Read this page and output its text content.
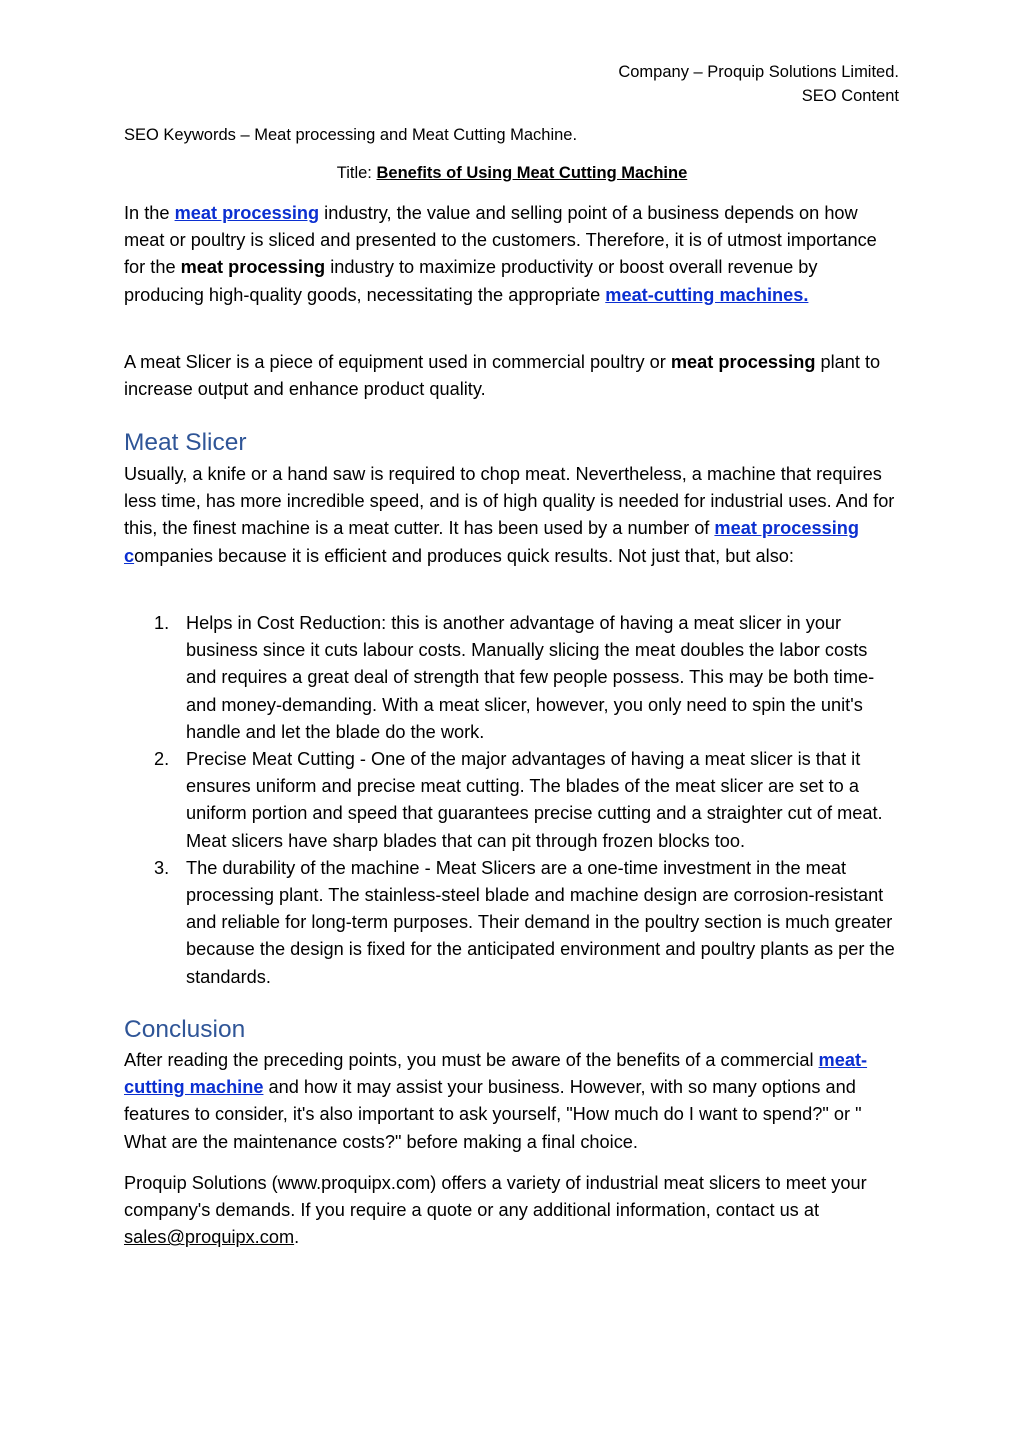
Company – Proquip Solutions Limited.
SEO Content
SEO Keywords – Meat processing and Meat Cutting Machine.
Title: Benefits of Using Meat Cutting Machine

In the meat processing industry, the value and selling point of a business depends on how meat or poultry is sliced and presented to the customers. Therefore, it is of utmost importance for the meat processing industry to maximize productivity or boost overall revenue by producing high-quality goods, necessitating the appropriate meat-cutting machines.

A meat Slicer is a piece of equipment used in commercial poultry or meat processing plant to increase output and enhance product quality.

Meat Slicer

Usually, a knife or a hand saw is required to chop meat. Nevertheless, a machine that requires less time, has more incredible speed, and is of high quality is needed for industrial uses. And for this, the finest machine is a meat cutter. It has been used by a number of meat processing companies because it is efficient and produces quick results. Not just that, but also:

1. Helps in Cost Reduction: this is another advantage of having a meat slicer in your business since it cuts labour costs. Manually slicing the meat doubles the labor costs and requires a great deal of strength that few people possess. This may be both time- and money-demanding. With a meat slicer, however, you only need to spin the unit's handle and let the blade do the work.
2. Precise Meat Cutting - One of the major advantages of having a meat slicer is that it ensures uniform and precise meat cutting. The blades of the meat slicer are set to a uniform portion and speed that guarantees precise cutting and a straighter cut of meat. Meat slicers have sharp blades that can pit through frozen blocks too.
3. The durability of the machine - Meat Slicers are a one-time investment in the meat processing plant. The stainless-steel blade and machine design are corrosion-resistant and reliable for long-term purposes. Their demand in the poultry section is much greater because the design is fixed for the anticipated environment and poultry plants as per the standards.
Conclusion

After reading the preceding points, you must be aware of the benefits of a commercial meat-cutting machine and how it may assist your business. However, with so many options and features to consider, it's also important to ask yourself, "How much do I want to spend?" or " What are the maintenance costs?" before making a final choice.

Proquip Solutions (www.proquipx.com) offers a variety of industrial meat slicers to meet your company's demands. If you require a quote or any additional information, contact us at sales@proquipx.com.
